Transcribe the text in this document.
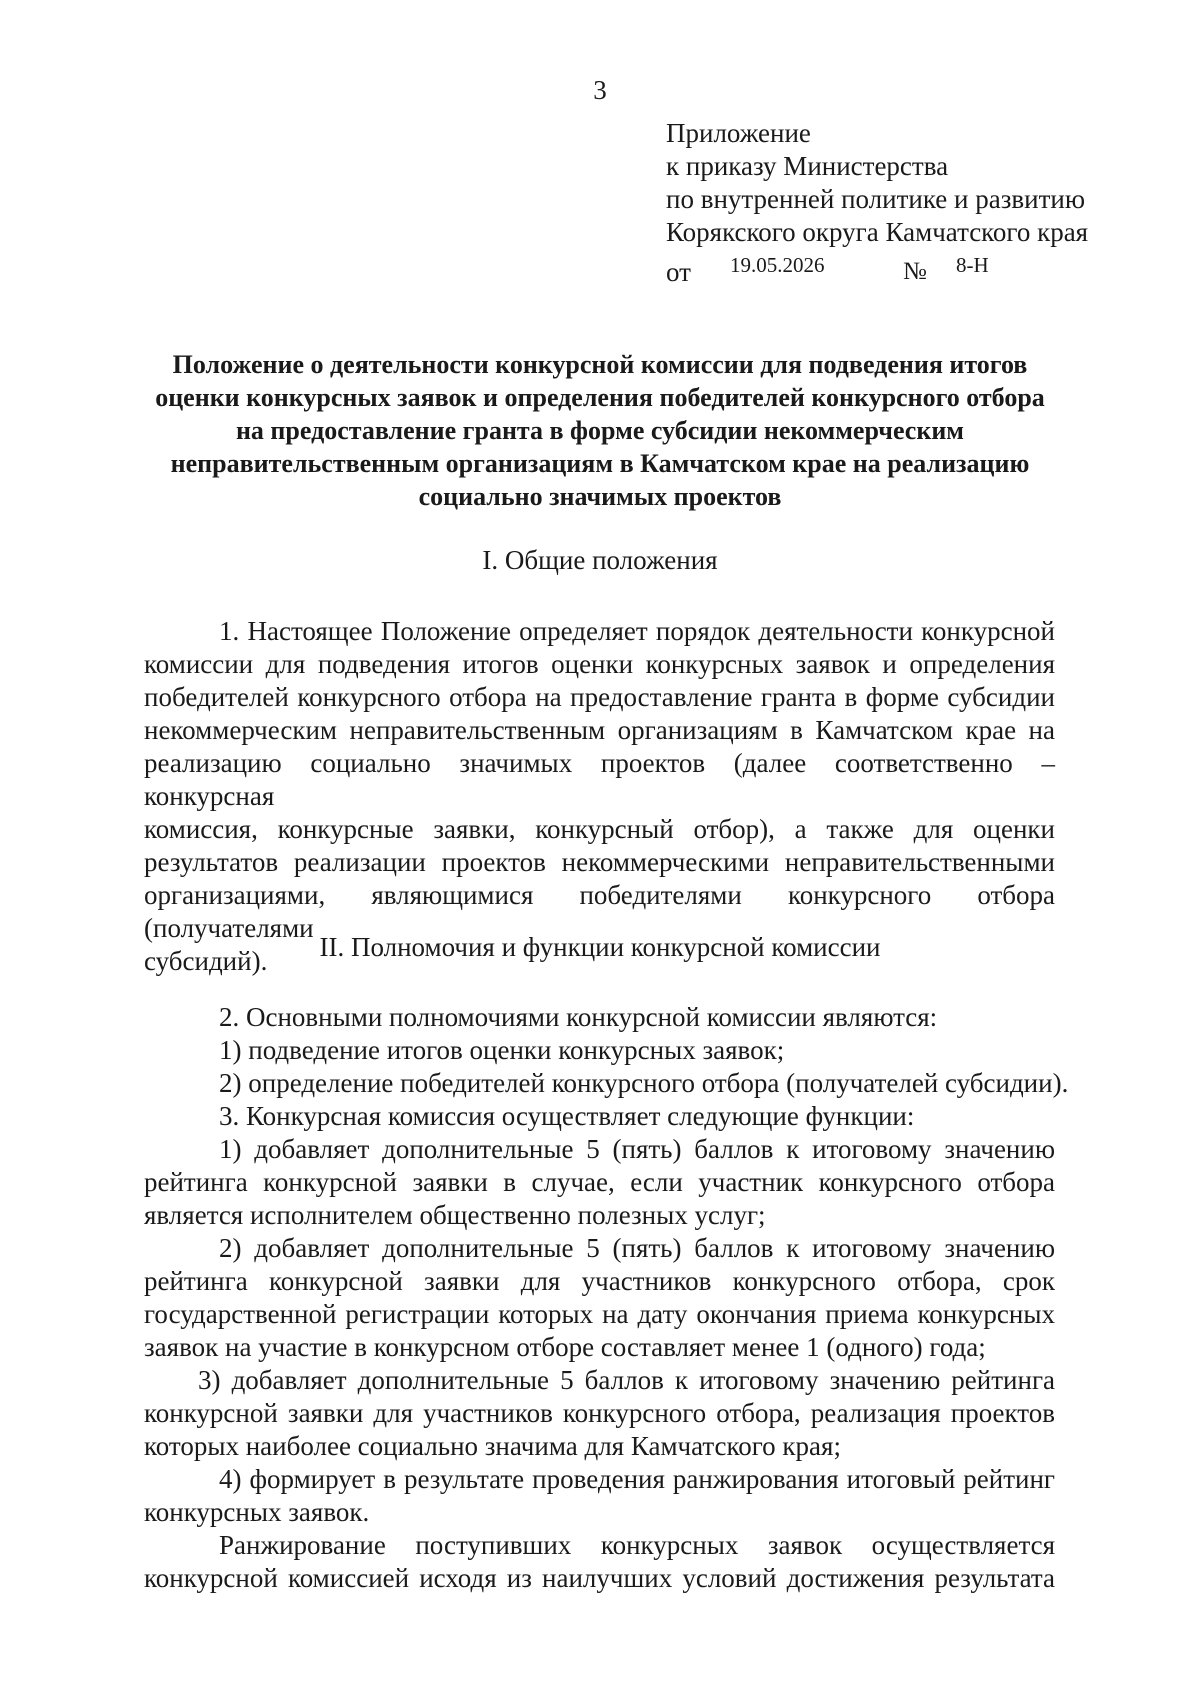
3
Приложение
к приказу Министерства
по внутренней политике и развитию
Корякского округа Камчатского края
от 19.05.2026	№ 8-Н
Положение о деятельности конкурсной комиссии для подведения итогов
оценки конкурсных заявок и определения победителей конкурсного отбора
на предоставление гранта в форме субсидии некоммерческим
неправительственным организациям в Камчатском крае на реализацию
социально значимых проектов
I. Общие положения
1. Настоящее Положение определяет порядок деятельности конкурсной
комиссии для подведения итогов оценки конкурсных заявок и определения
победителей конкурсного отбора на предоставление гранта в форме субсидии
некоммерческим неправительственным организациям в Камчатском крае на
реализацию социально значимых проектов (далее соответственно – конкурсная
комиссия, конкурсные заявки, конкурсный отбор), а также для оценки
результатов реализации проектов некоммерческими неправительственными
организациями, являющимися победителями конкурсного отбора (получателями
субсидий).	II. Полномочия и функции конкурсной комиссии
2. Основными полномочиями конкурсной комиссии являются:
1) подведение итогов оценки конкурсных заявок;
2) определение победителей конкурсного отбора (получателей субсидии).
3. Конкурсная комиссия осуществляет следующие функции:
1) добавляет дополнительные 5 (пять) баллов к итоговому значению
рейтинга конкурсной заявки в случае, если участник конкурсного отбора
является исполнителем общественно полезных услуг;
2) добавляет дополнительные 5 (пять) баллов к итоговому значению
рейтинга конкурсной заявки для участников конкурсного отбора, срок
государственной регистрации которых на дату окончания приема конкурсных
заявок на участие в конкурсном отборе составляет менее 1 (одного) года;
3) добавляет дополнительные 5 баллов к итоговому значению рейтинга
конкурсной заявки для участников конкурсного отбора, реализация проектов
которых наиболее социально значима для Камчатского края;
4) формирует в результате проведения ранжирования итоговый рейтинг
конкурсных заявок.
Ранжирование поступивших конкурсных заявок осуществляется
конкурсной комиссией исходя из наилучших условий достижения результата
